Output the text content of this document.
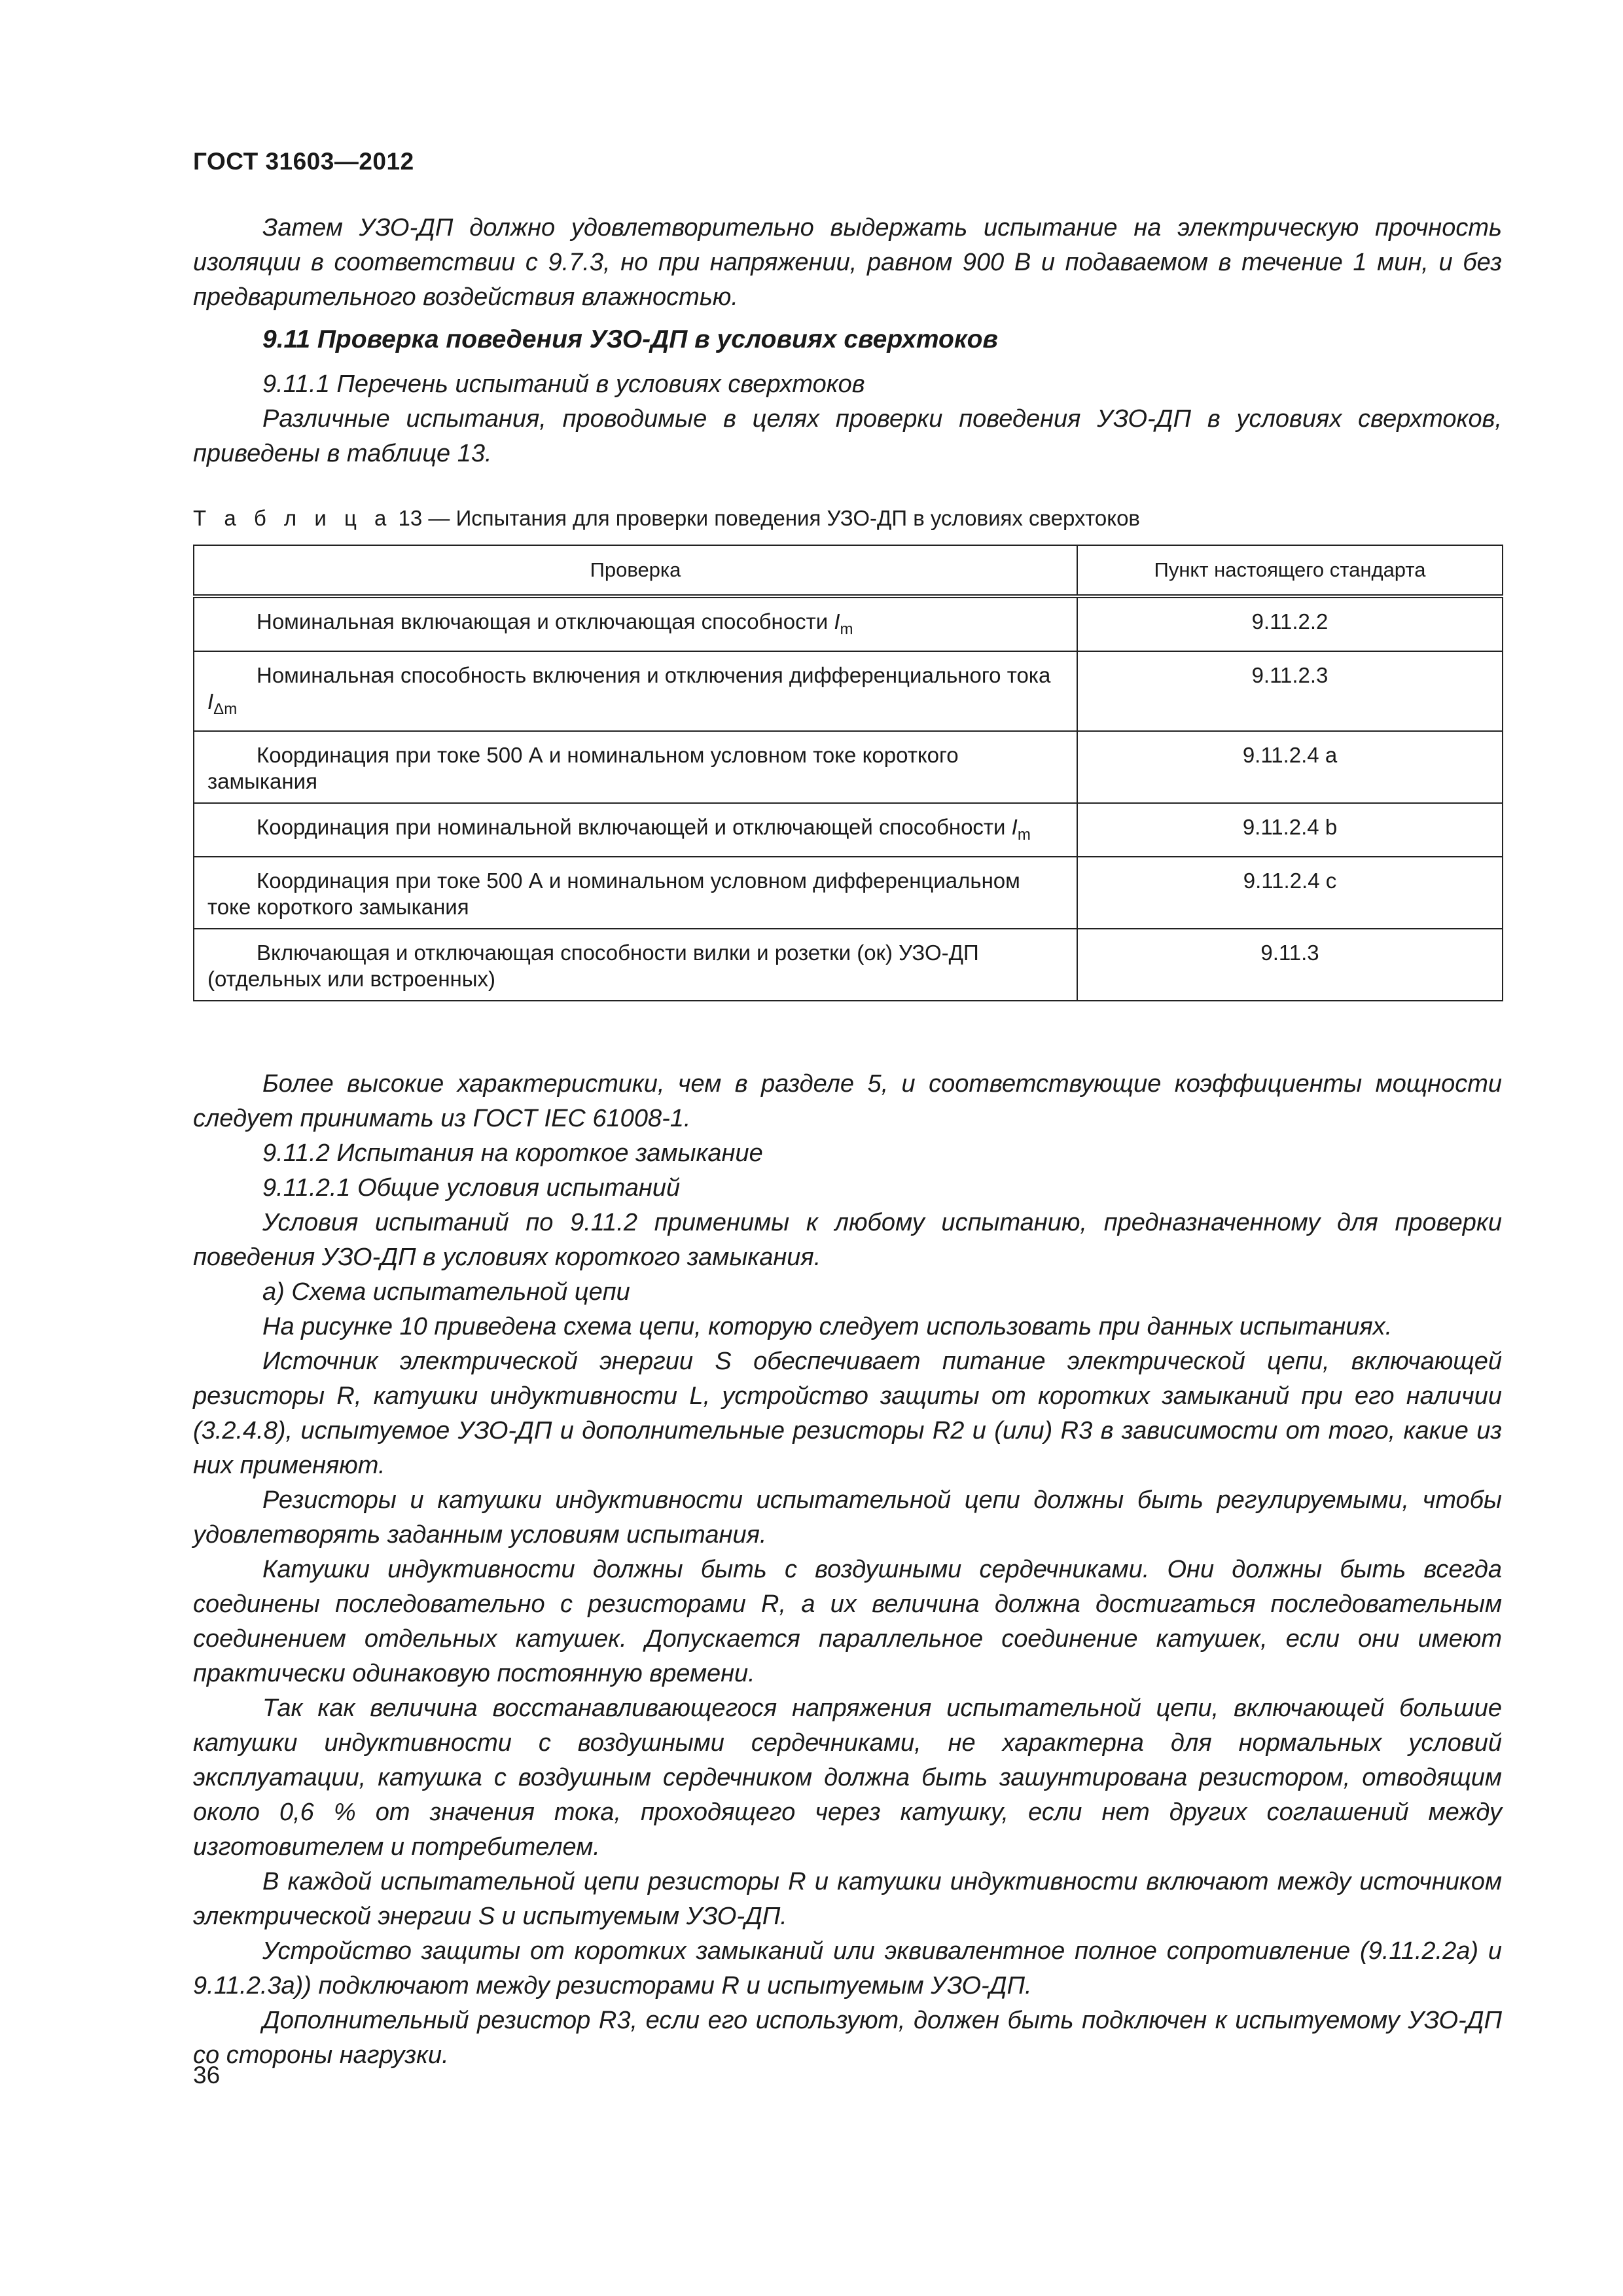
ГОСТ 31603—2012

Затем УЗО-ДП должно удовлетворительно выдержать испытание на электрическую прочность изоляции в соответствии с 9.7.3, но при напряжении, равном 900 В и подаваемом в течение 1 мин, и без предварительного воздействия влажностью.

9.11 Проверка поведения УЗО-ДП в условиях сверхтоков

9.11.1 Перечень испытаний в условиях сверхтоков

Различные испытания, проводимые в целях проверки поведения УЗО-ДП в условиях сверхтоков, приведены в таблице 13.

Т а б л и ц а 13 — Испытания для проверки поведения УЗО-ДП в условиях сверхтоков
Проверка	Пункт настоящего стандарта
Номинальная включающая и отключающая способности $I_m$	9.11.2.2
Номинальная способность включения и отключения дифференциального тока $I_{\Delta m}$	9.11.2.3
Координация при токе 500 А и номинальном условном токе короткого замыкания	9.11.2.4 a
Координация при номинальной включающей и отключающей способности $I_m$	9.11.2.4 b
Координация при токе 500 А и номинальном условном дифференциальном токе короткого замыкания	9.11.2.4 c
Включающая и отключающая способности вилки и розетки (ок) УЗО-ДП (отдельных или встроенных)	9.11.3

Более высокие характеристики, чем в разделе 5, и соответствующие коэффициенты мощности следует принимать из ГОСТ IEC 61008-1.

9.11.2 Испытания на короткое замыкание

9.11.2.1 Общие условия испытаний

Условия испытаний по 9.11.2 применимы к любому испытанию, предназначенному для проверки поведения УЗО-ДП в условиях короткого замыкания.

а) Схема испытательной цепи

На рисунке 10 приведена схема цепи, которую следует использовать при данных испытаниях.

Источник электрической энергии S обеспечивает питание электрической цепи, включающей резисторы R, катушки индуктивности L, устройство защиты от коротких замыканий при его наличии (3.2.4.8), испытуемое УЗО-ДП и дополнительные резисторы R2 и (или) R3 в зависимости от того, какие из них применяют.

Резисторы и катушки индуктивности испытательной цепи должны быть регулируемыми, чтобы удовлетворять заданным условиям испытания.

Катушки индуктивности должны быть с воздушными сердечниками. Они должны быть всегда соединены последовательно с резисторами R, а их величина должна достигаться последовательным соединением отдельных катушек. Допускается параллельное соединение катушек, если они имеют практически одинаковую постоянную времени.

Так как величина восстанавливающегося напряжения испытательной цепи, включающей большие катушки индуктивности с воздушными сердечниками, не характерна для нормальных условий эксплуатации, катушка с воздушным сердечником должна быть зашунтирована резистором, отводящим около 0,6 % от значения тока, проходящего через катушку, если нет других соглашений между изготовителем и потребителем.

В каждой испытательной цепи резисторы R и катушки индуктивности включают между источником электрической энергии S и испытуемым УЗО-ДП.

Устройство защиты от коротких замыканий или эквивалентное полное сопротивление (9.11.2.2а) и 9.11.2.3а)) подключают между резисторами R и испытуемым УЗО-ДП.

Дополнительный резистор R3, если его используют, должен быть подключен к испытуемому УЗО-ДП со стороны нагрузки.

36
